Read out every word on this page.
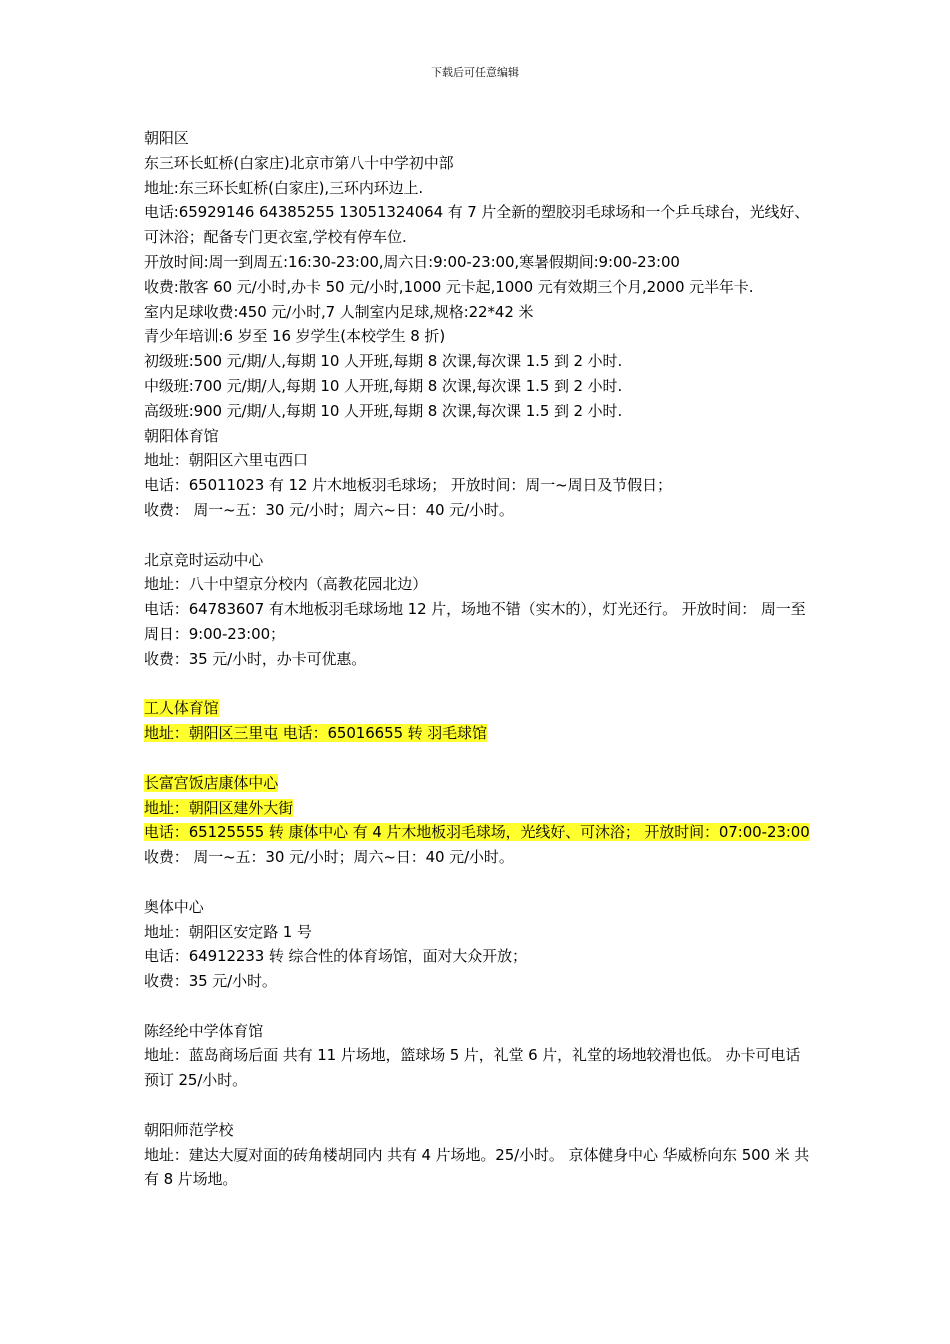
下载后可任意编辑

朝阳区

东三环长虹桥(白家庄)北京市第八十中学初中部

地址:东三环长虹桥(白家庄),三环内环边上.

电话:65929146 64385255 13051324064 有 7 片全新的塑胶羽毛球场和一个乒乓球台，光线好、可沐浴；配备专门更衣室,学校有停车位.

开放时间:周一到周五:16:30-23:00,周六日:9:00-23:00,寒暑假期间:9:00-23:00

收费:散客 60 元/小时,办卡 50 元/小时,1000 元卡起,1000 元有效期三个月,2000 元半年卡.

室内足球收费:450 元/小时,7 人制室内足球,规格:22*42 米

青少年培训:6 岁至 16 岁学生(本校学生 8 折)

初级班:500 元/期/人,每期 10 人开班,每期 8 次课,每次课 1.5 到 2 小时.

中级班:700 元/期/人,每期 10 人开班,每期 8 次课,每次课 1.5 到 2 小时.

高级班:900 元/期/人,每期 10 人开班,每期 8 次课,每次课 1.5 到 2 小时.

朝阳体育馆

地址：朝阳区六里屯西口

电话：65011023 有 12 片木地板羽毛球场； 开放时间：周一~周日及节假日；

收费： 周一~五：30 元/小时；周六~日：40 元/小时。

北京竞时运动中心

地址：八十中望京分校内（高教花园北边）

电话：64783607 有木地板羽毛球场地 12 片，场地不错（实木的），灯光还行。 开放时间： 周一至周日：9:00-23:00；

收费：35 元/小时，办卡可优惠。

工人体育馆

地址：朝阳区三里屯 电话：65016655 转 羽毛球馆

长富宫饭店康体中心

地址：朝阳区建外大街

电话：65125555 转 康体中心 有 4 片木地板羽毛球场，光线好、可沐浴； 开放时间：07:00-23:00

收费： 周一~五：30 元/小时；周六~日：40 元/小时。

奥体中心

地址：朝阳区安定路 1 号

电话：64912233 转 综合性的体育场馆，面对大众开放；

收费：35 元/小时。

陈经纶中学体育馆

地址：蓝岛商场后面 共有 11 片场地，篮球场 5 片，礼堂 6 片，礼堂的场地较滑也低。 办卡可电话预订 25/小时。

朝阳师范学校

地址：建达大厦对面的砖角楼胡同内 共有 4 片场地。25/小时。 京体健身中心 华威桥向东 500 米 共有 8 片场地。
